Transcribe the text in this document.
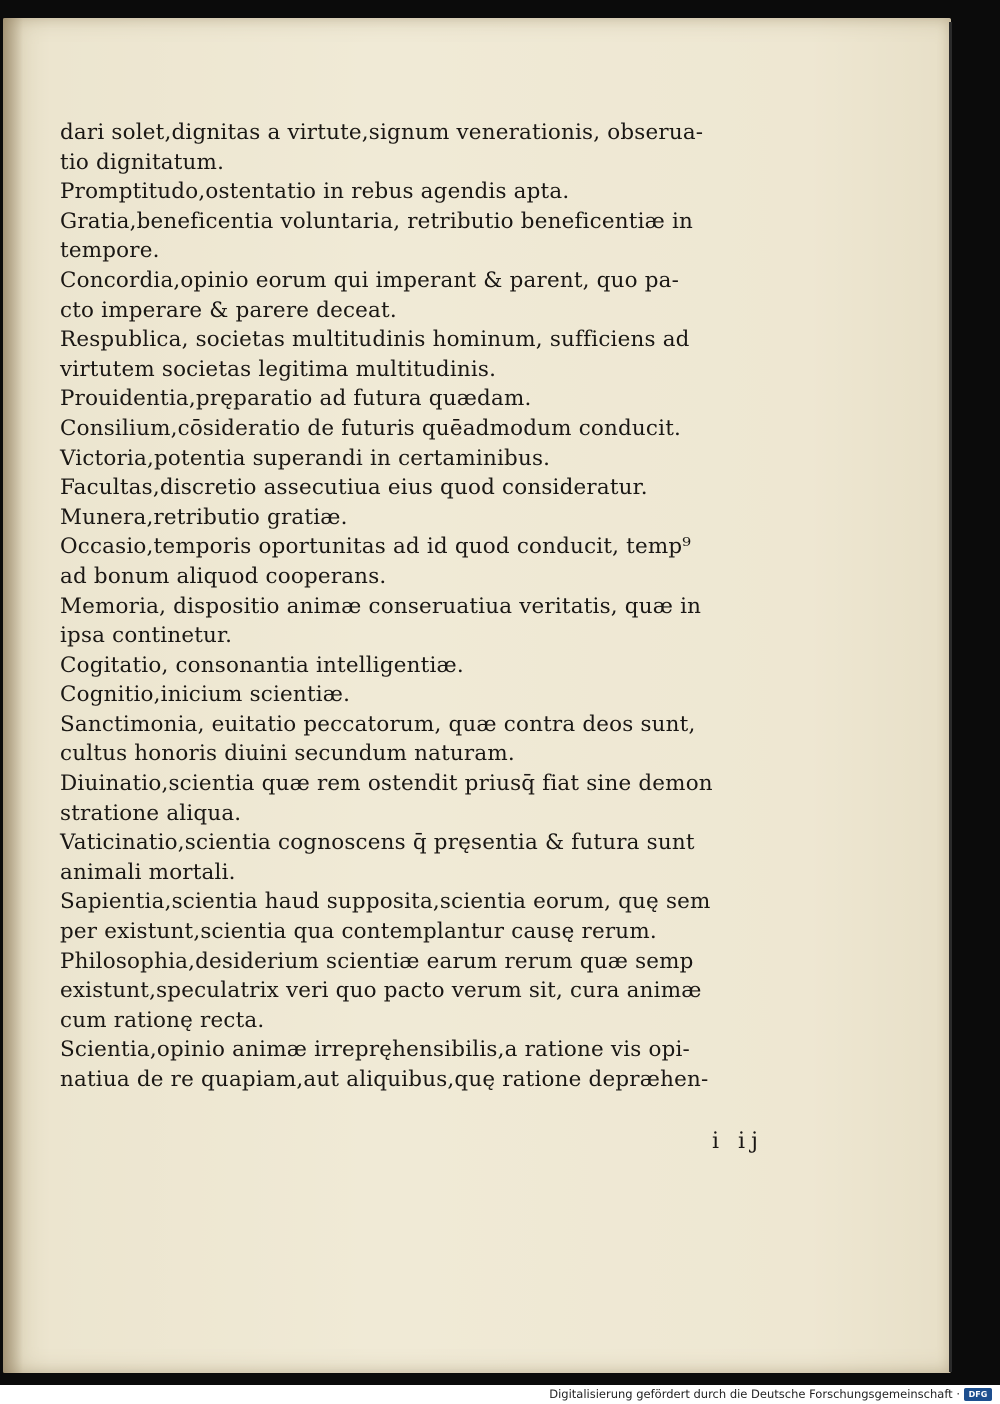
dari solet,dignitas a virtute,signum venerationis, obserua-
tio dignitatum.
Promptitudo,ostentatio in rebus agendis apta.
Gratia,beneficentia voluntaria, retributio beneficentiæ in
tempore.
Concordia,opinio eorum qui imperant & parent, quo pa-
cto imperare & parere deceat.
Respublica, societas multitudinis hominum, sufficiens ad
virtutem societas legitima multitudinis.
Prouidentia,pręparatio ad futura quædam.
Consilium,cōsideratio de futuris quēadmodum conducit.
Victoria,potentia superandi in certaminibus.
Facultas,discretio assecutiua eius quod consideratur.
Munera,retributio gratiæ.
Occasio,temporis oportunitas ad id quod conducit, temp⁹
ad bonum aliquod cooperans.
Memoria, dispositio animæ conseruatiua veritatis, quæ in
ipsa continetur.
Cogitatio, consonantia intelligentiæ.
Cognitio,inicium scientiæ.
Sanctimonia, euitatio peccatorum, quæ contra deos sunt,
cultus honoris diuini secundum naturam.
Diuinatio,scientia quæ rem ostendit priusq̄ fiat sine demon
stratione aliqua.
Vaticinatio,scientia cognoscens q̄ pręsentia & futura sunt
animali mortali.
Sapientia,scientia haud supposita,scientia eorum, quę sem
per existunt,scientia qua contemplantur causę rerum.
Philosophia,desiderium scientiæ earum rerum quæ semp
existunt,speculatrix veri quo pacto verum sit, cura animæ
cum rationę recta.
Scientia,opinio animæ irrepręhensibilis,a ratione vis opi-
natiua de re quapiam,aut aliquibus,quę ratione depræhen-
i ij
Digitalisierung gefördert durch die Deutsche Forschungsgemeinschaft ·	DFG
